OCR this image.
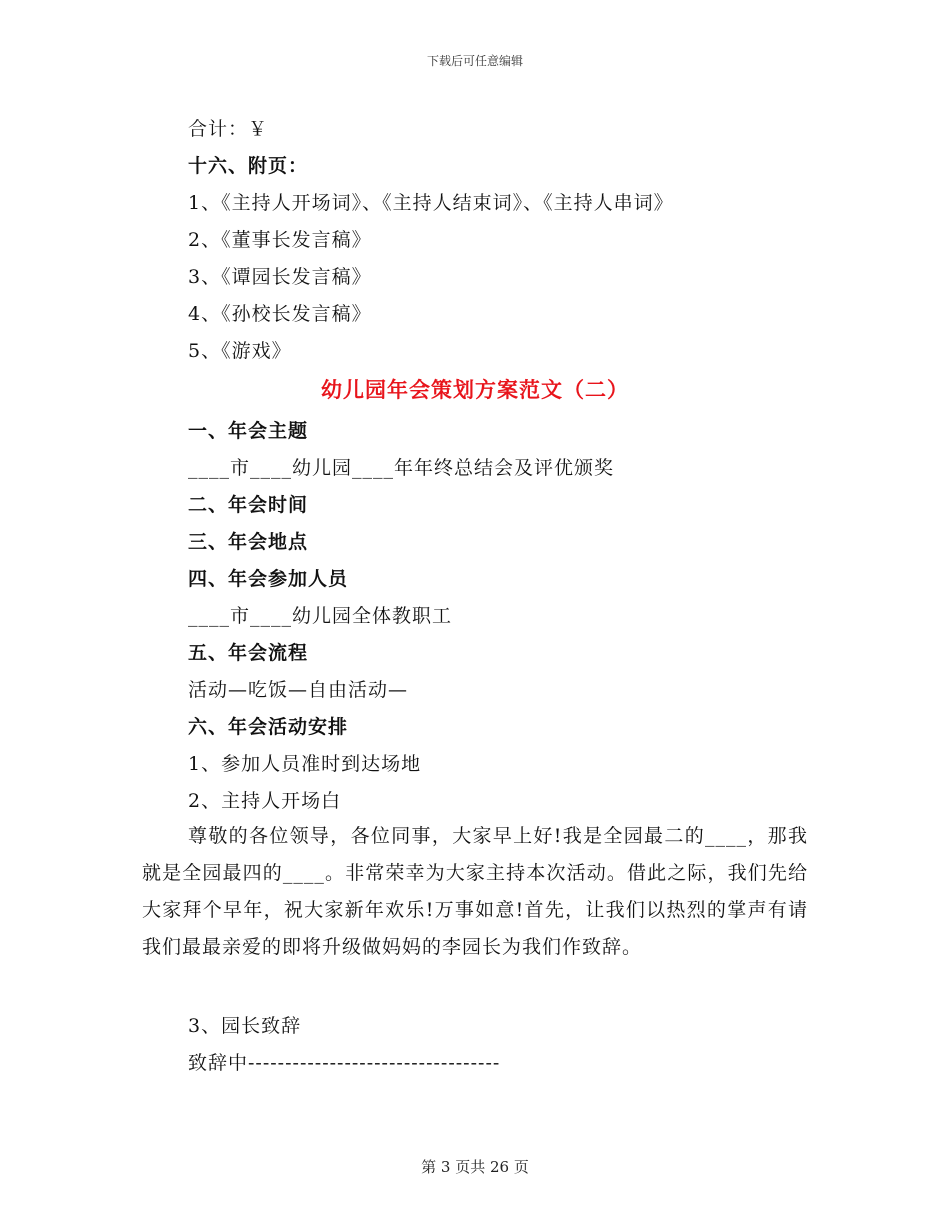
下载后可任意编辑
合计：￥
十六、附页：
1、《主持人开场词》、《主持人结束词》、《主持人串词》
2、《董事长发言稿》
3、《谭园长发言稿》
4、《孙校长发言稿》
5、《游戏》
幼儿园年会策划方案范文（二）
一、年会主题
____市____幼儿园____年年终总结会及评优颁奖
二、年会时间
三、年会地点
四、年会参加人员
____市____幼儿园全体教职工
五、年会流程
活动—吃饭—自由活动—
六、年会活动安排
1、参加人员准时到达场地
2、主持人开场白
尊敬的各位领导，各位同事，大家早上好!我是全园最二的____，那我就是全园最四的____。非常荣幸为大家主持本次活动。借此之际，我们先给大家拜个早年，祝大家新年欢乐!万事如意!首先，让我们以热烈的掌声有请我们最最亲爱的即将升级做妈妈的李园长为我们作致辞。
3、园长致辞
致辞中----------------------------------
第 3 页共 26 页
